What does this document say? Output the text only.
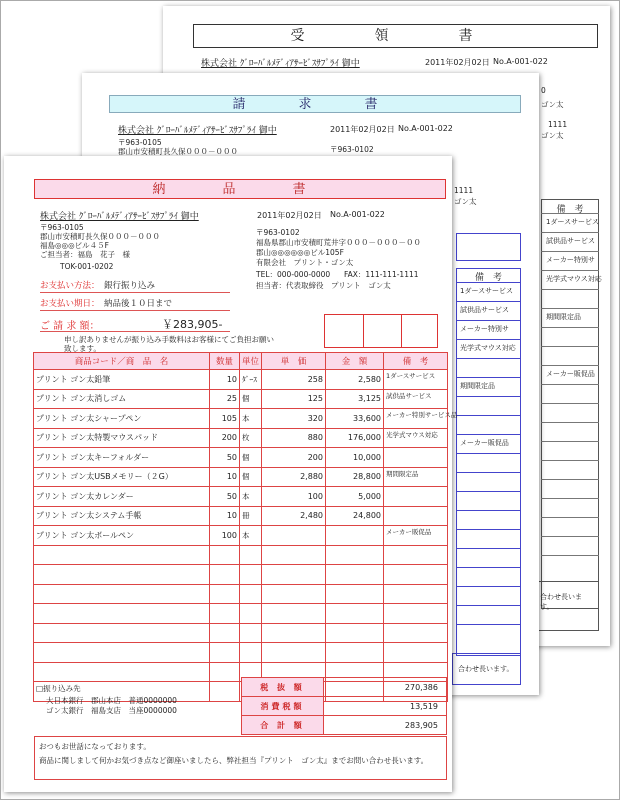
受　領　書
株式会社 ｸﾞﾛｰﾊﾞﾙﾒﾃﾞｨｱｻｰﾋﾞｽｻﾌﾟﾗｲ 御中	2011年02月02日 No.A-001-022
0
ゴン太
1111
ゴン太
備　考
1ダースサービス
試供品サービス
メーカー特別サ
光学式マウス対応
期間限定品
メーカー販促品
合わせ長います。
請　求　書
株式会社 ｸﾞﾛｰﾊﾞﾙﾒﾃﾞｨｱｻｰﾋﾞｽｻﾌﾟﾗｲ 御中	2011年02月02日 No.A-001-022
〒963-0105
郡山市安積町長久保０００－０００	〒963-0102
1111
ゴン太
備　考
1ダースサービス
試供品サービス
メーカー特別サ
光学式マウス対応
期間限定品
メーカー販促品
合わせ長います。
納　品　書
株式会社 ｸﾞﾛｰﾊﾞﾙﾒﾃﾞｨｱｻｰﾋﾞｽｻﾌﾟﾗｲ 御中	2011年02月02日 No.A-001-022
〒963-0105
郡山市安積町長久保０００－０００
福島◎◎◎ビル４５F
ご担当者：福島　花子　様
TOK-001-0202
〒963-0102
福島県郡山市安積町荒井字０００－０００－００
郡山◎◎◎◎◎◎ビル105F
有限会社　プリント・ゴン太
TEL：000-000-0000 FAX：111-111-1111
担当者：代表取締役　プリント　ゴン太
お支払い方法： 銀行振り込み
お支払い期日： 納品後１０日まで
ご 請 求 額：	￥283,905-
申し訳ありませんが振り込み手数料はお客様にてご負担お願い
致します。
商品コード／商　品　名	数量	単位	単　価	金　額	備　考
プリント ゴン太鉛筆	10	ﾀﾞｰｽ	258	2,580	1ダースサービス
プリント ゴン太消しゴム	25	個	125	3,125	試供品サービス
プリント ゴン太シャープペン	105	本	320	33,600	メーカー特別サービス品
プリント ゴン太特製マウスパッド	200	枚	880	176,000	光学式マウス対応
プリント ゴン太キーフォルダー	50	個	200	10,000	
プリント ゴン太USBメモリー（２G）	10	個	2,880	28,800	期間限定品
プリント ゴン太カレンダー	50	本	100	5,000	
プリント ゴン太システム手帳	10	冊	2,480	24,800	
プリント ゴン太ボールペン	100	本			メーカー販促品

□振り込み先
大日本銀行　郡山本店　普通0000000
ゴン太銀行　福島支店　当座0000000
税 抜 額	270,386
消費税額	13,519
合 計 額	283,905
おつもお世話になっております。
商品に関しまして何かお気づき点など御座いましたら、弊社担当『プリント　ゴン太』までお問い合わせ長います。
